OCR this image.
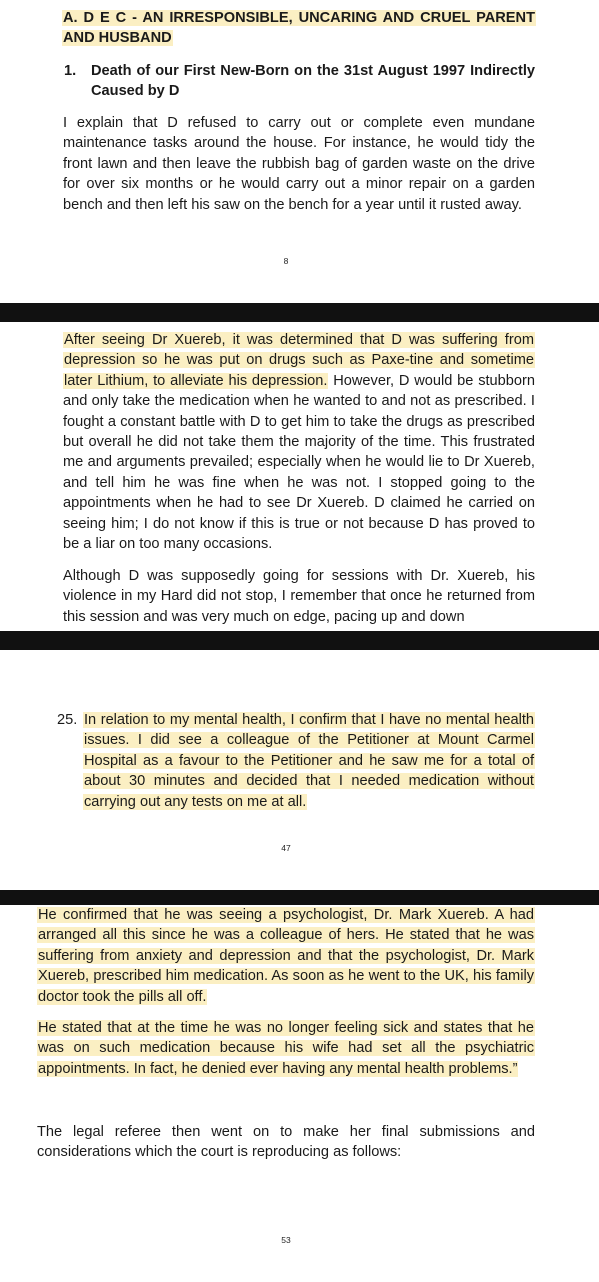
A. D E C - AN IRRESPONSIBLE, UNCARING AND CRUEL PARENT AND HUSBAND

1.	Death of our First New-Born on the 31st August 1997 Indirectly Caused by D

I explain that D refused to carry out or complete even mundane maintenance tasks around the house. For instance, he would tidy the front lawn and then leave the rubbish bag of garden waste on the drive for over six months or he would carry out a minor repair on a garden bench and then left his saw on the bench for a year until it rusted away.

8

After seeing Dr Xuereb, it was determined that D was suffering from depression so he was put on drugs such as Paxe-tine and sometime later Lithium, to alleviate his depression. However, D would be stubborn and only take the medication when he wanted to and not as prescribed. I fought a constant battle with D to get him to take the drugs as prescribed but overall he did not take them the majority of the time. This frustrated me and arguments prevailed; especially when he would lie to Dr Xuereb, and tell him he was fine when he was not. I stopped going to the appointments when he had to see Dr Xuereb. D claimed he carried on seeing him; I do not know if this is true or not because D has proved to be a liar on too many occasions.

Although D was supposedly going for sessions with Dr. Xuereb, his violence in my Hard did not stop, I remember that once he returned from this session and was very much on edge, pacing up and down

25. In relation to my mental health, I confirm that I have no mental health issues. I did see a colleague of the Petitioner at Mount Carmel Hospital as a favour to the Petitioner and he saw me for a total of about 30 minutes and decided that I needed medication without carrying out any tests on me at all.
47

He confirmed that he was seeing a psychologist, Dr. Mark Xuereb. A had arranged all this since he was a colleague of hers. He stated that he was suffering from anxiety and depression and that the psychologist, Dr. Mark Xuereb, prescribed him medication. As soon as he went to the UK, his family doctor took the pills all off.

He stated that at the time he was no longer feeling sick and states that he was on such medication because his wife had set all the psychiatric appointments. In fact, he denied ever having any mental health problems.”

The legal referee then went on to make her final submissions and considerations which the court is reproducing as follows:

53
